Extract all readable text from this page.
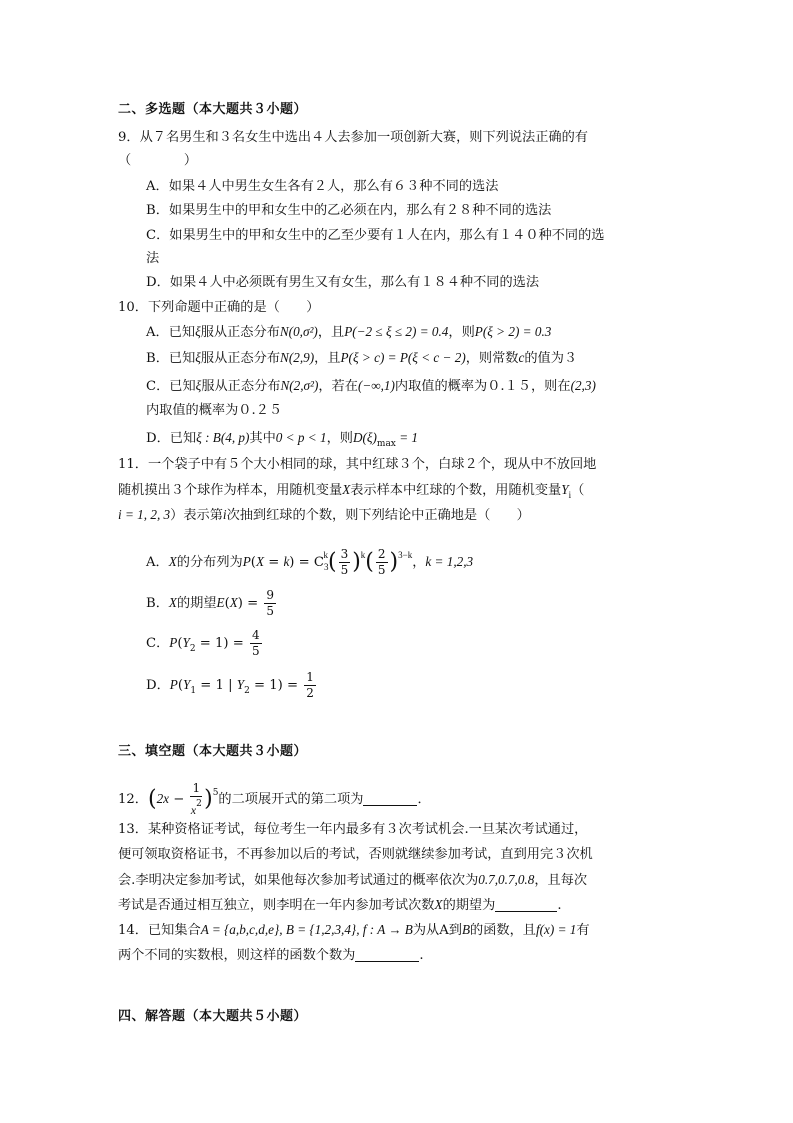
二、多选题（本大题共３小题）
9．从７名男生和３名女生中选出４人去参加一项创新大赛，则下列说法正确的有
（　　　　）
A．如果４人中男生女生各有２人，那么有６３种不同的选法
B．如果男生中的甲和女生中的乙必须在内，那么有２８种不同的选法
C．如果男生中的甲和女生中的乙至少要有１人在内，那么有１４０种不同的选
法
D．如果４人中必须既有男生又有女生，那么有１８４种不同的选法
10．下列命题中正确的是（　　）
A．已知ξ服从正态分布N(0,σ²)，且P(−2 ≤ ξ ≤ 2) = 0.4，则P(ξ > 2) = 0.3
B．已知ξ服从正态分布N(2,9)，且P(ξ > c) = P(ξ < c − 2)，则常数c的值为３
C．已知ξ服从正态分布N(2,σ²)，若在(−∞,1)内取值的概率为０.１５，则在(2,3)
内取值的概率为０.２５
D．已知ξ : B(4, p)其中0 < p < 1，则$D(\xi)_{max} = 1$
11．一个袋子中有５个大小相同的球，其中红球３个，白球２个，现从中不放回地
随机摸出３个球作为样本，用随机变量X表示样本中红球的个数，用随机变量$Y_i$（
i = 1, 2, 3）表示第i次抽到红球的个数，则下列结论中正确地是（　　）
A．X的分布列为$P(X = k) = C_3^k( \frac{3}{5} )^k( \frac{2}{5} )^{3-k}$，k = 1,2,3
B．X的期望$E(X) = \frac{9}{5}$
C．$P(Y_2 = 1) = \frac{4}{5}$
D．$P(Y_1 = 1$ | $Y_2 = 1) = \frac{1}{2}$
三、填空题（本大题共３小题）
12．$(2x - \frac{1}{x^2} )^5$的二项展开式的第二项为	．
13．某种资格证考试，每位考生一年内最多有３次考试机会.一旦某次考试通过，
便可领取资格证书，不再参加以后的考试，否则就继续参加考试，直到用完３次机
会.李明决定参加考试，如果他每次参加考试通过的概率依次为0.7,0.7,0.8，且每次
考试是否通过相互独立，则李明在一年内参加考试次数X的期望为	.
14．已知集合A = {a,b,c,d,e}, B = {1,2,3,4}, f : A → B为从A到B的函数，且f(x) = 1有
两个不同的实数根，则这样的函数个数为	.
四、解答题（本大题共５小题）
